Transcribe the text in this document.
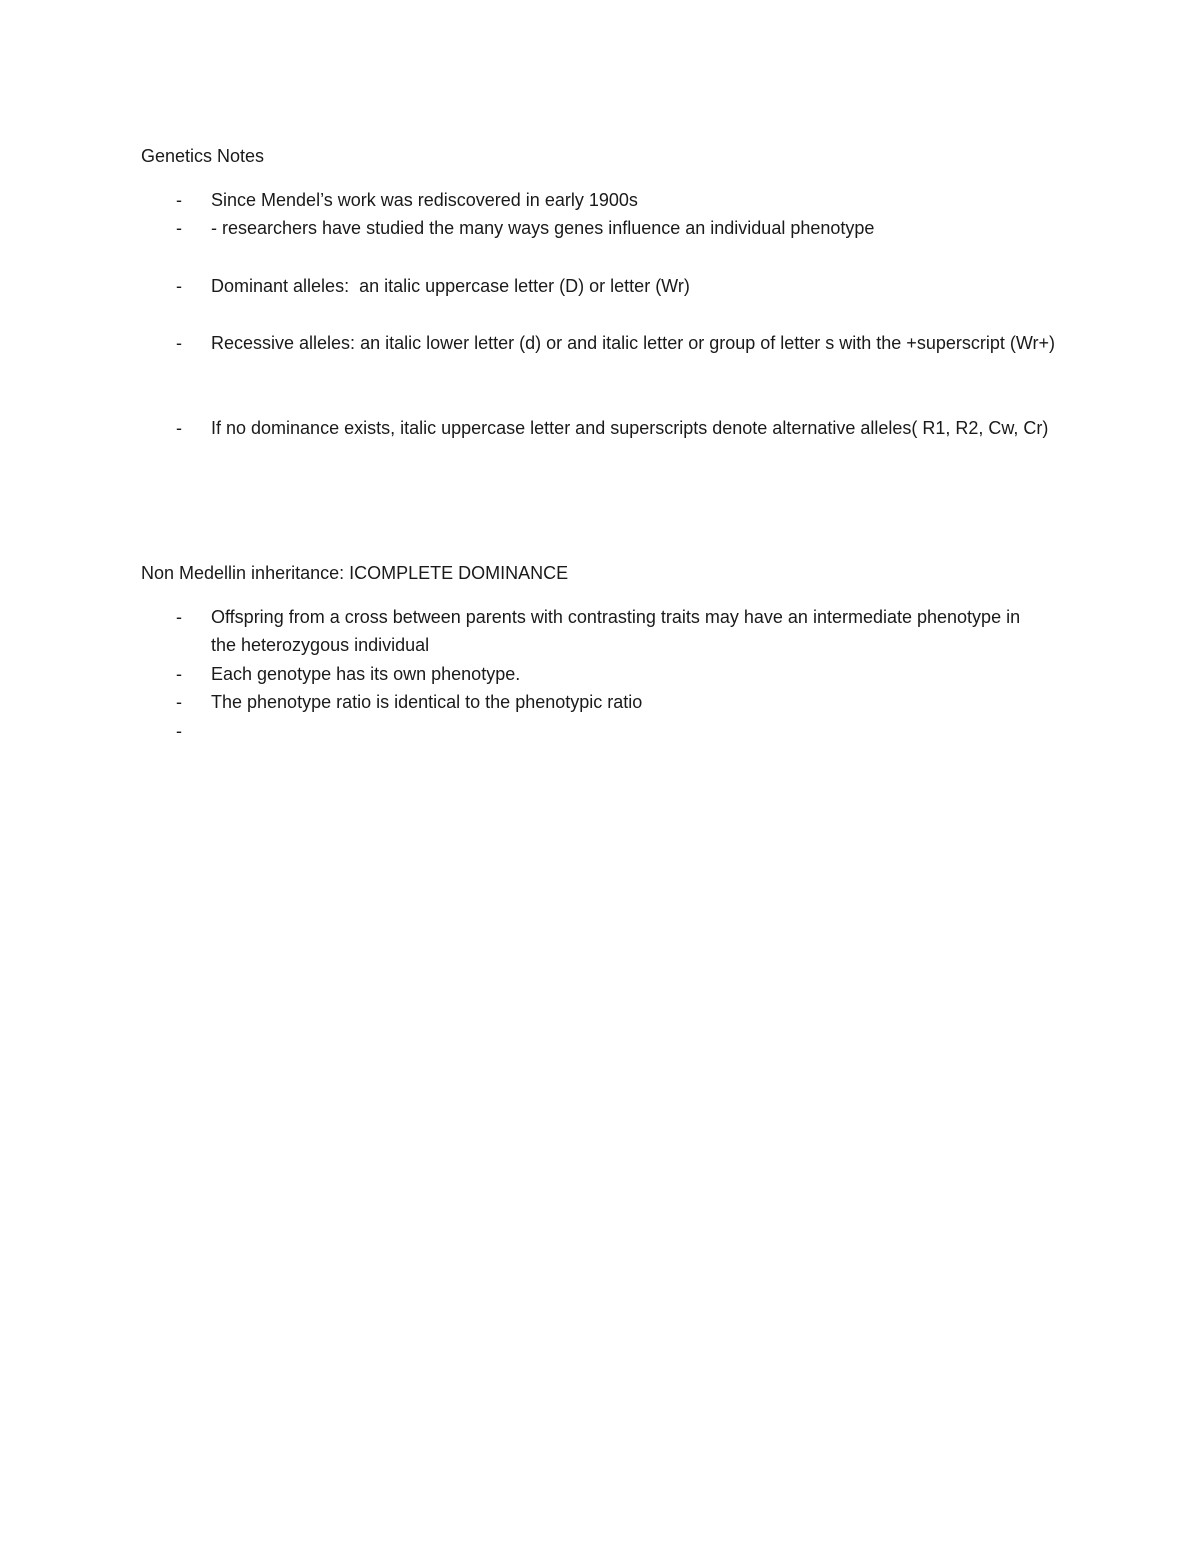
Genetics Notes
- Since Mendel’s work was rediscovered in early 1900s
- - researchers have studied the many ways genes influence an individual phenotype
- Dominant alleles:  an italic uppercase letter (D) or letter (Wr)
- Recessive alleles: an italic lower letter (d) or and italic letter or group of letter s with the +superscript (Wr+)
- If no dominance exists, italic uppercase letter and superscripts denote alternative alleles( R1, R2, Cw, Cr)
Non Medellin inheritance: ICOMPLETE DOMINANCE
- Offspring from a cross between parents with contrasting traits may have an intermediate phenotype in the heterozygous individual
- Each genotype has its own phenotype.
- The phenotype ratio is identical to the phenotypic ratio
-
